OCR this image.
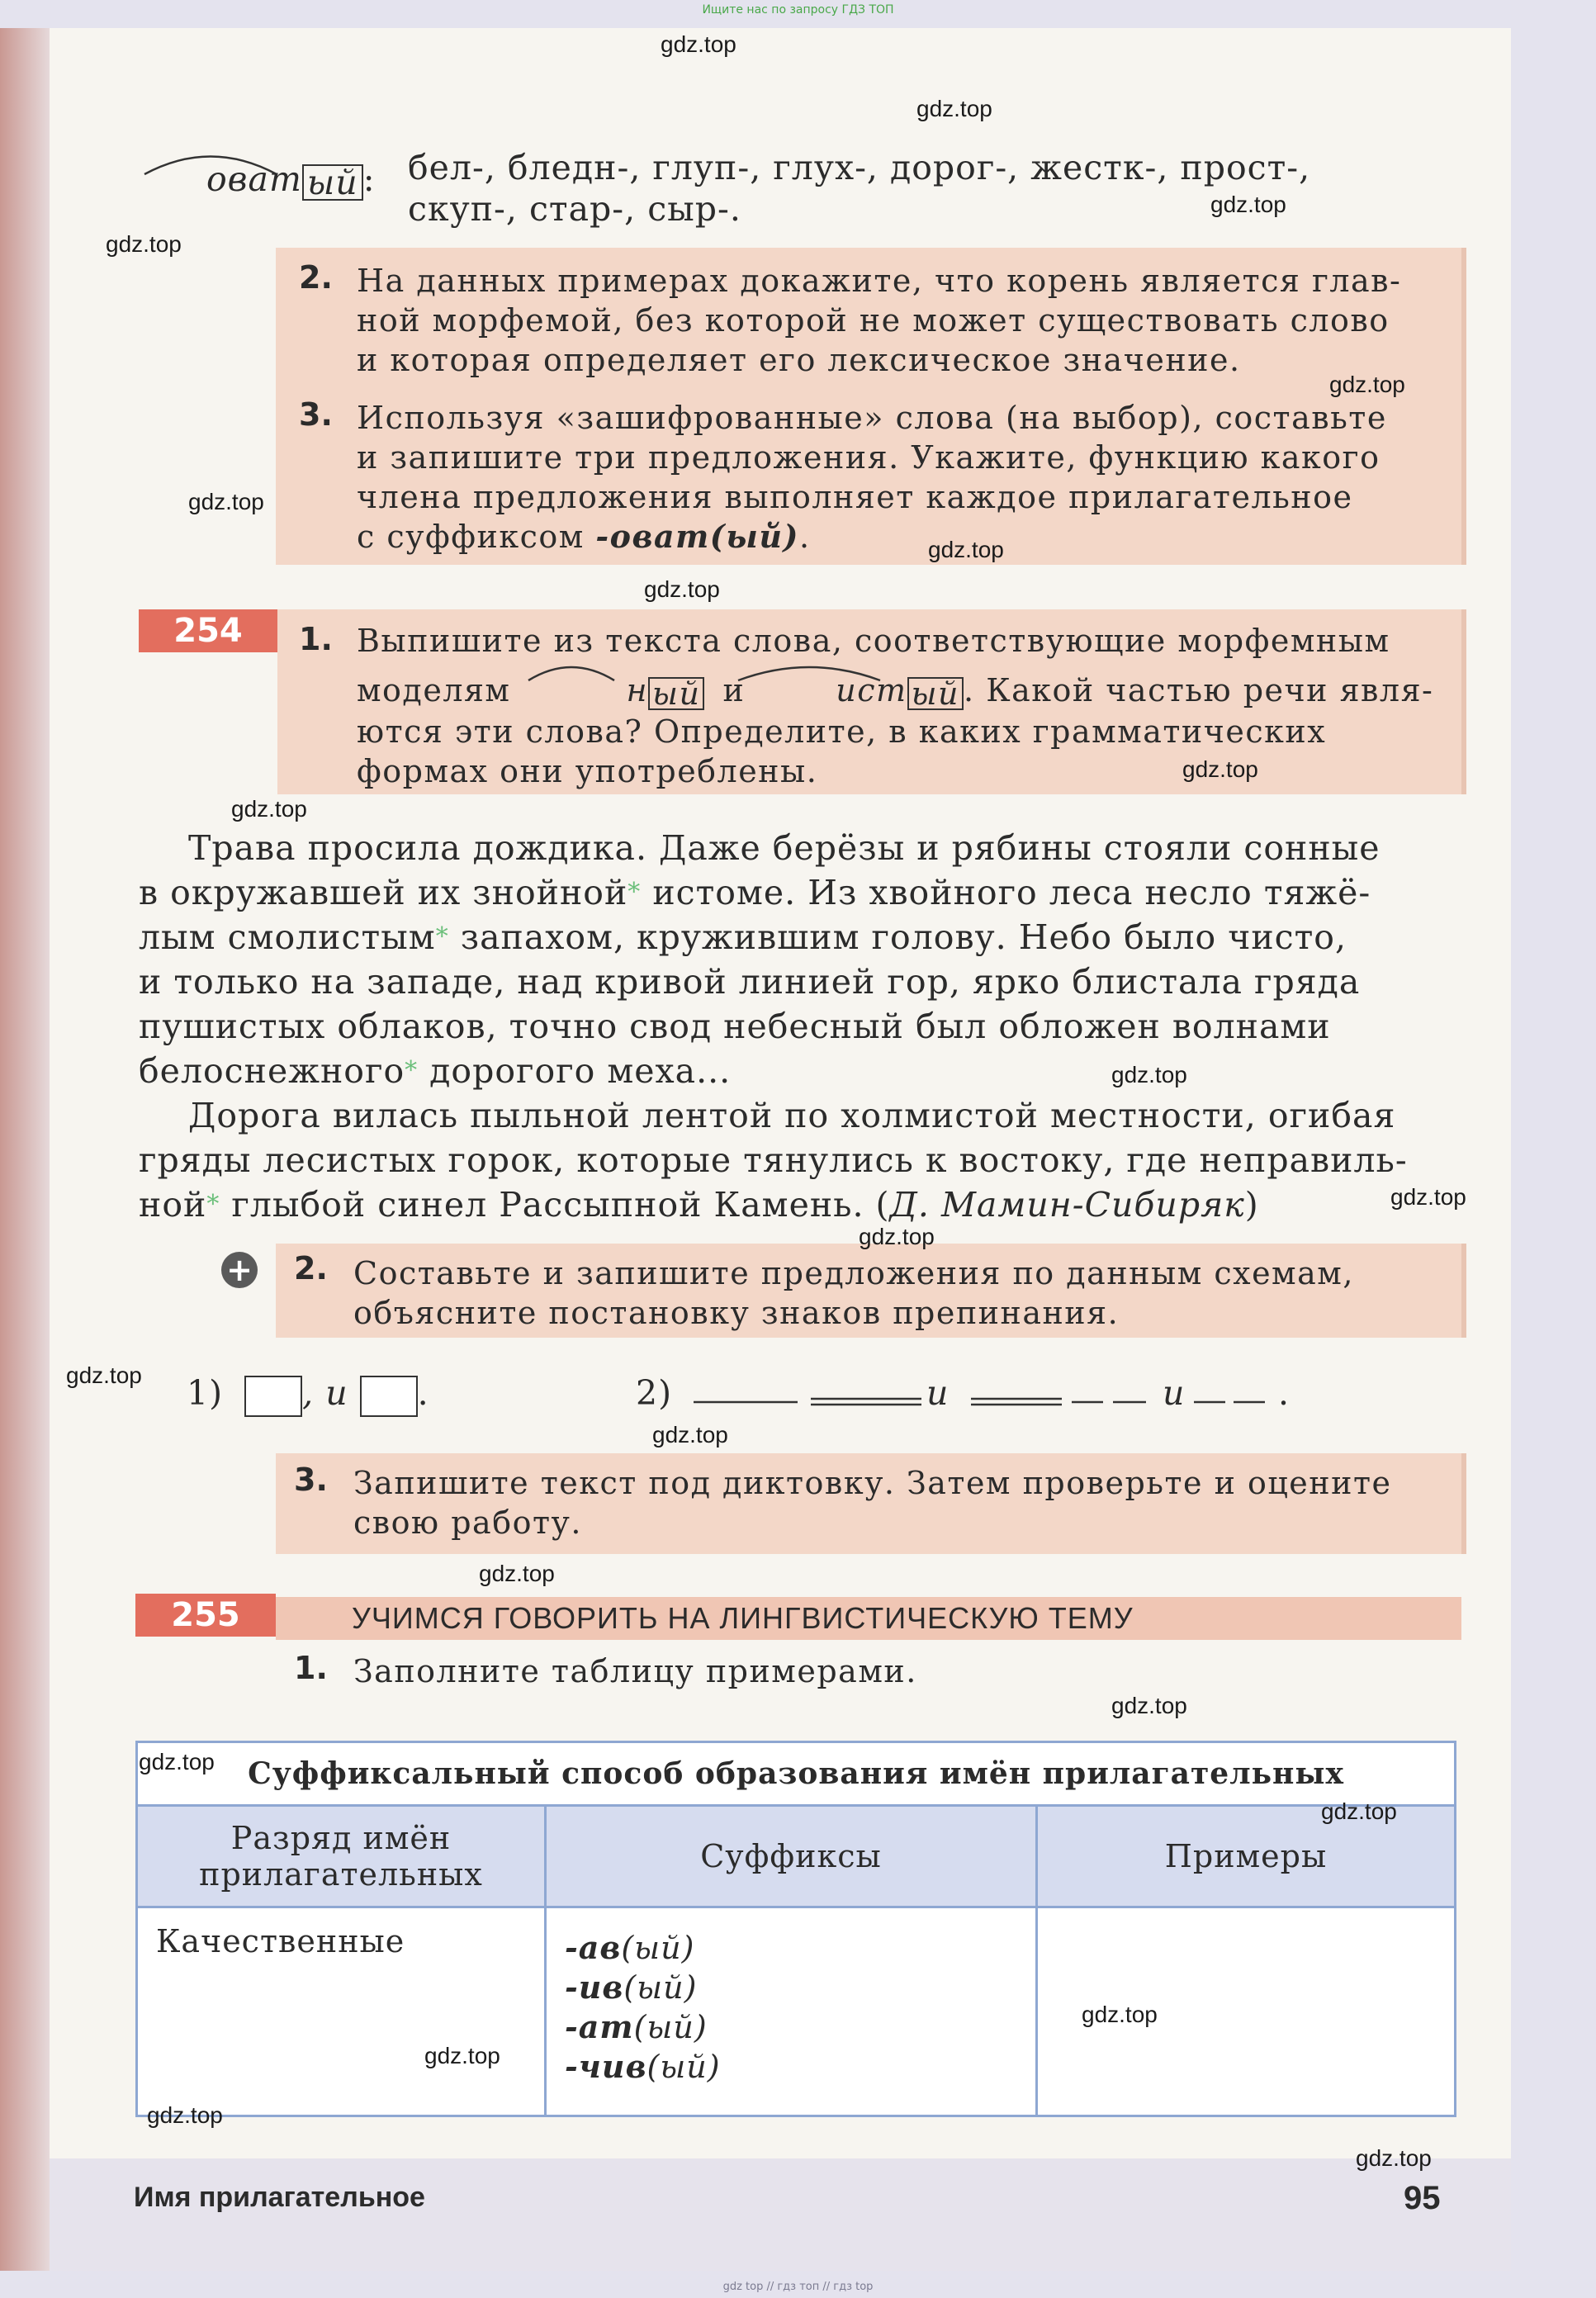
Ищите нас по запросу ГДЗ ТОП
оват ый : бел-, бледн-, глуп-, глух-, дорог-, жестк-, прост-,
скуп-, стар-, сыр-.
2. На данных примерах докажите, что корень является глав-
ной морфемой, без которой не может существовать слово
и которая определяет его лексическое значение.
3. Используя «зашифрованные» слова (на выбор), составьте
и запишите три предложения. Укажите, функцию какого
члена предложения выполняет каждое прилагательное
с суффиксом -оват(ый).
254	1. Выпишите из текста слова, соответствующие морфемным
моделям	н ый и	ист ый . Какой частью речи явля-
ются эти слова? Определите, в каких грамматических
формах они употреблены.
Трава просила дождика. Даже берёзы и рябины стояли сонные
в окружавшей их знойной* истоме. Из хвойного леса несло тяжё-
лым смолистым* запахом, кружившим голову. Небо было чисто,
и только на западе, над кривой линией гор, ярко блистала гряда
пушистых облаков, точно свод небесный был обложен волнами
белоснежного* дорогого меха...
Дорога вилась пыльной лентой по холмистой местности, огибая
гряды лесистых горок, которые тянулись к востоку, где неправиль-
ной* глыбой синел Рассыпной Камень. (Д. Мамин-Сибиряк)
+ 2. Составьте и запишите предложения по данным схемам,
объясните постановку знаков препинания.
1) , и .	2)	и	и	.
3. Запишите текст под диктовку. Затем проверьте и оцените
свою работу.
255	УЧИМСЯ ГОВОРИТЬ НА ЛИНГВИСТИЧЕСКУЮ ТЕМУ
1. Заполните таблицу примерами.
Суффиксальный способ образования имён прилагательных		

Разряд имён
прилагательных	Суффиксы	Примеры
Качественные	-ав(ый)
-ив(ый)
-ат(ый)
-чив(ый)	

Имя прилагательное	95
gdz.top
gdz.top
gdz.top
gdz.top
gdz.top
gdz.top
gdz.top
gdz.top
gdz.top
gdz.top
gdz.top
gdz.top
gdz.top
gdz.top
gdz.top
gdz.top
gdz.top
gdz.top
gdz.top
gdz.top
gdz.top
gdz.top
gdz.top
gdz top // гдз топ // гдз top
